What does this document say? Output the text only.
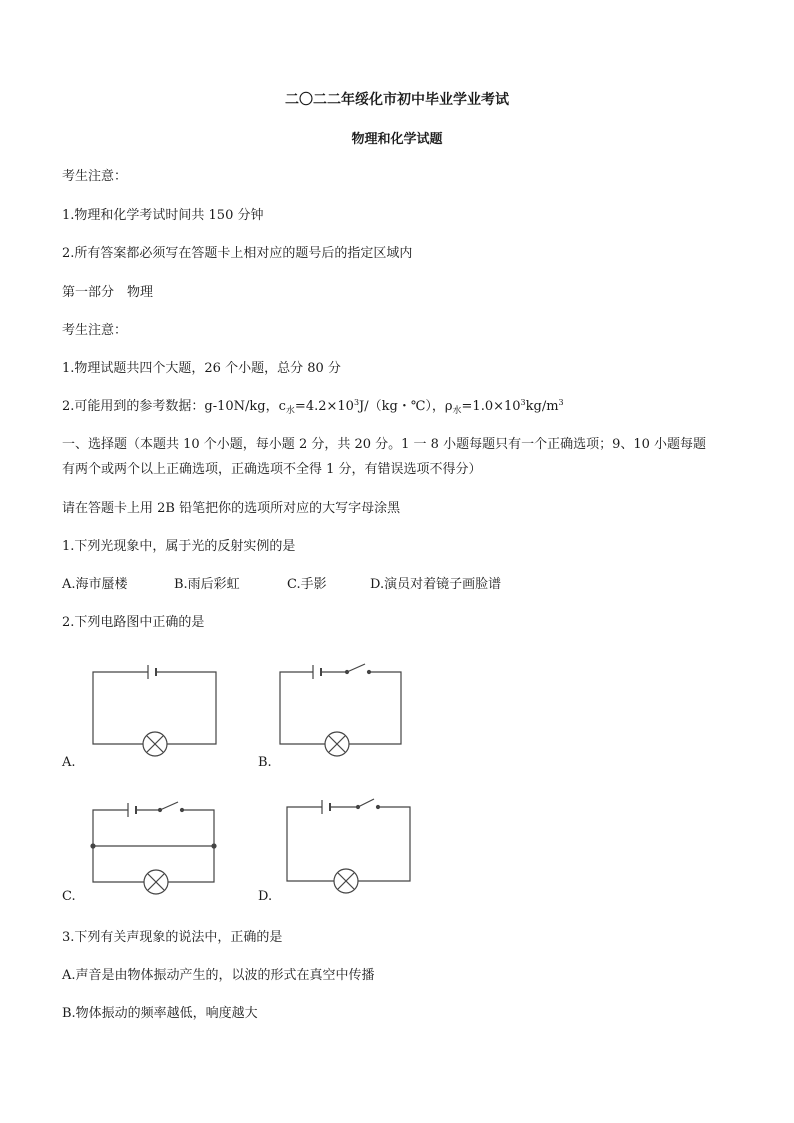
二〇二二年绥化市初中毕业学业考试
物理和化学试题
考生注意：
1.物理和化学考试时间共 150 分钟
2.所有答案都必须写在答题卡上相对应的题号后的指定区域内
第一部分　物理
考生注意：
1.物理试题共四个大题，26 个小题，总分 80 分
2.可能用到的参考数据：g-10N/kg，$c_水=4.2\times 10^3J/(kg$・℃），$\rho_水=1.0\times 10^3kg/m^3$
一、选择题（本题共 10 个小题，每小题 2 分，共 20 分。1 一 8 小题每题只有一个正确选项；9、10 小题每题
有两个或两个以上正确选项，正确选项不全得 1 分，有错误选项不得分）
请在答题卡上用 2B 铅笔把你的选项所对应的大写字母涂黑
1.下列光现象中，属于光的反射实例的是
A.海市蜃楼	B.雨后彩虹	C.手影	D.演员对着镜子画脸谱
2.下列电路图中正确的是
A.	B.
C.	D.
3.下列有关声现象的说法中，正确的是
A.声音是由物体振动产生的，以波的形式在真空中传播
B.物体振动的频率越低，响度越大
